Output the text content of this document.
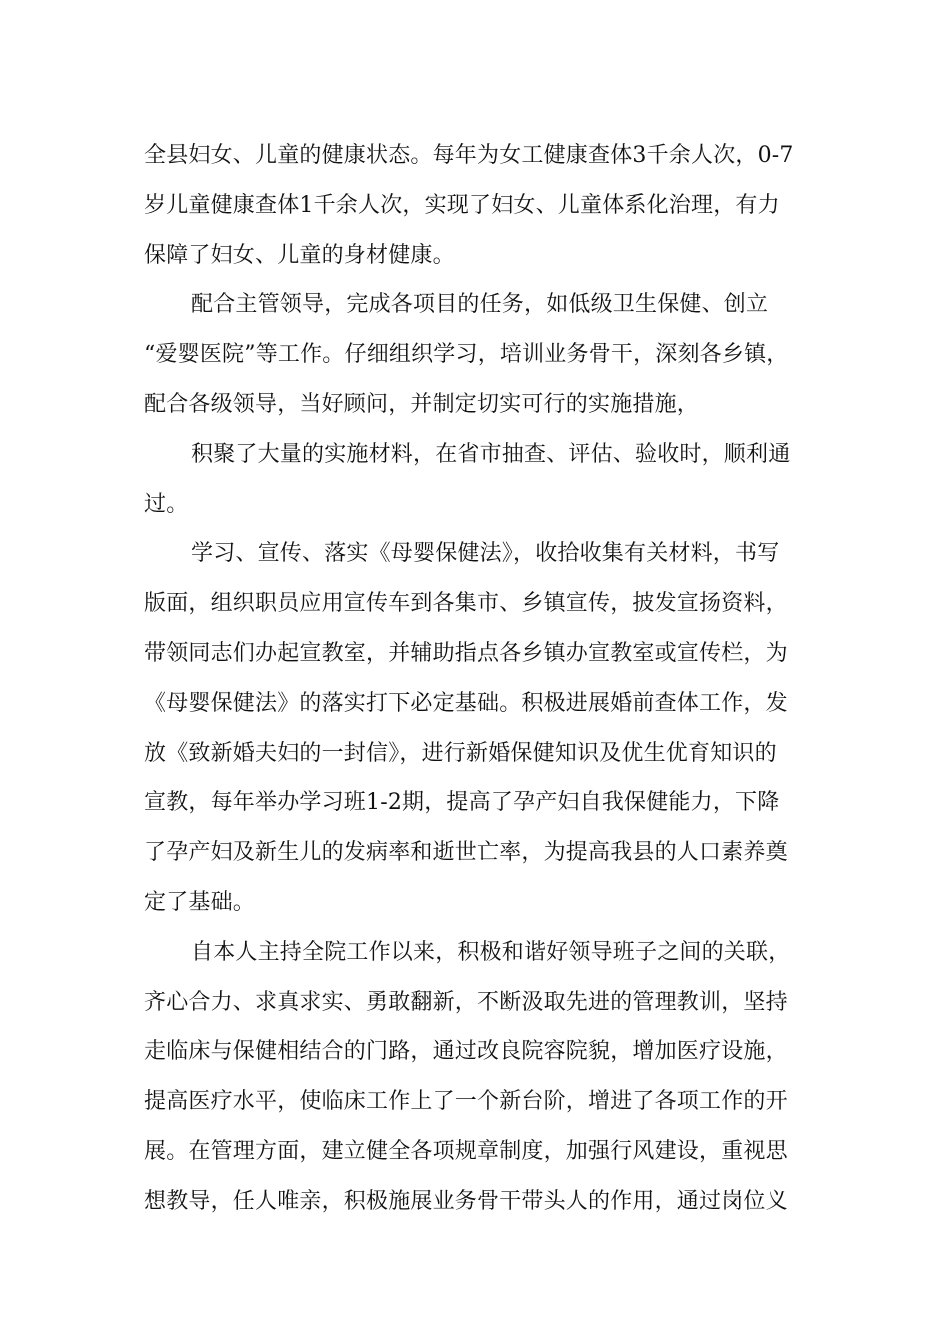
全县妇女、儿童的健康状态。每年为女工健康查体3千余人次，0-7
岁儿童健康查体1千余人次，实现了妇女、儿童体系化治理，有力
保障了妇女、儿童的身材健康。
配合主管领导，完成各项目的任务，如低级卫生保健、创立
“爱婴医院”等工作。仔细组织学习，培训业务骨干，深刻各乡镇，
配合各级领导，当好顾问，并制定切实可行的实施措施，
积聚了大量的实施材料，在省市抽查、评估、验收时，顺利通
过。
学习、宣传、落实《母婴保健法》，收拾收集有关材料，书写
版面，组织职员应用宣传车到各集市、乡镇宣传，披发宣扬资料，
带领同志们办起宣教室，并辅助指点各乡镇办宣教室或宣传栏，为
《母婴保健法》的落实打下必定基础。积极进展婚前查体工作，发
放《致新婚夫妇的一封信》，进行新婚保健知识及优生优育知识的
宣教，每年举办学习班1-2期，提高了孕产妇自我保健能力，下降
了孕产妇及新生儿的发病率和逝世亡率，为提高我县的人口素养奠
定了基础。
自本人主持全院工作以来，积极和谐好领导班子之间的关联，
齐心合力、求真求实、勇敢翻新，不断汲取先进的管理教训，坚持
走临床与保健相结合的门路，通过改良院容院貌，增加医疗设施，
提高医疗水平，使临床工作上了一个新台阶，增进了各项工作的开
展。在管理方面，建立健全各项规章制度，加强行风建设，重视思
想教导，任人唯亲，积极施展业务骨干带头人的作用，通过岗位义
